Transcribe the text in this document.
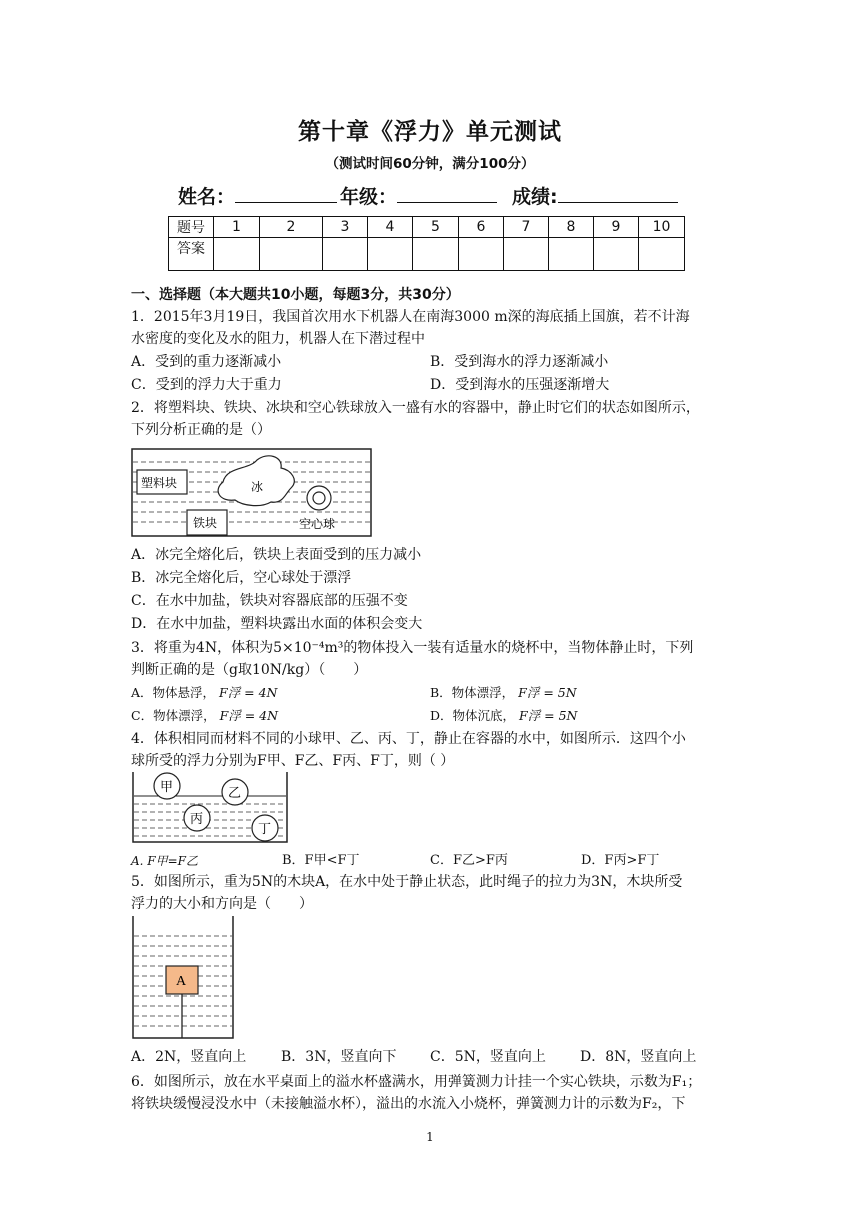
第十章《浮力》单元测试
（测试时间60分钟，满分100分）
姓名：	年级：	成绩:
题号	1	2	3	4	5	6	7	8	9	10
答案										
一、选择题（本大题共10小题，每题3分，共30分）
1．2015年3月19日，我国首次用水下机器人在南海3000 m深的海底插上国旗，若不计海
水密度的变化及水的阻力，机器人在下潜过程中
A．受到的重力逐渐减小	B．受到海水的浮力逐渐减小
C．受到的浮力大于重力	D．受到海水的压强逐渐增大
2．将塑料块、铁块、冰块和空心铁球放入一盛有水的容器中，静止时它们的状态如图所示，
下列分析正确的是（）
塑料块	冰
铁块	空心球
A．冰完全熔化后，铁块上表面受到的压力减小
B．冰完全熔化后，空心球处于漂浮
C．在水中加盐，铁块对容器底部的压强不变
D．在水中加盐，塑料块露出水面的体积会变大
3．将重为4N，体积为5×10⁻⁴m³的物体投入一装有适量水的烧杯中，当物体静止时，下列
判断正确的是（g取10N/kg）（　　）
A．物体悬浮， F浮 = 4N	B．物体漂浮， F浮 = 5N
C．物体漂浮， F浮 = 4N	D．物体沉底， F浮 = 5N
4．体积相同而材料不同的小球甲、乙、丙、丁，静止在容器的水中，如图所示．这四个小
球所受的浮力分别为F甲、F乙、F丙、F丁，则（ ）
甲	乙
丙
丁
A. F甲=F乙	B．F甲<F丁	C．F乙>F丙	D．F丙>F丁
5．如图所示，重为5N的木块A，在水中处于静止状态，此时绳子的拉力为3N，木块所受
浮力的大小和方向是（　　）
A
A．2N，竖直向上 B．3N，竖直向下 C．5N，竖直向上 D．8N，竖直向上
6．如图所示，放在水平桌面上的溢水杯盛满水，用弹簧测力计挂一个实心铁块，示数为F₁；
将铁块缓慢浸没水中（未接触溢水杯），溢出的水流入小烧杯，弹簧测力计的示数为F₂，下
1
